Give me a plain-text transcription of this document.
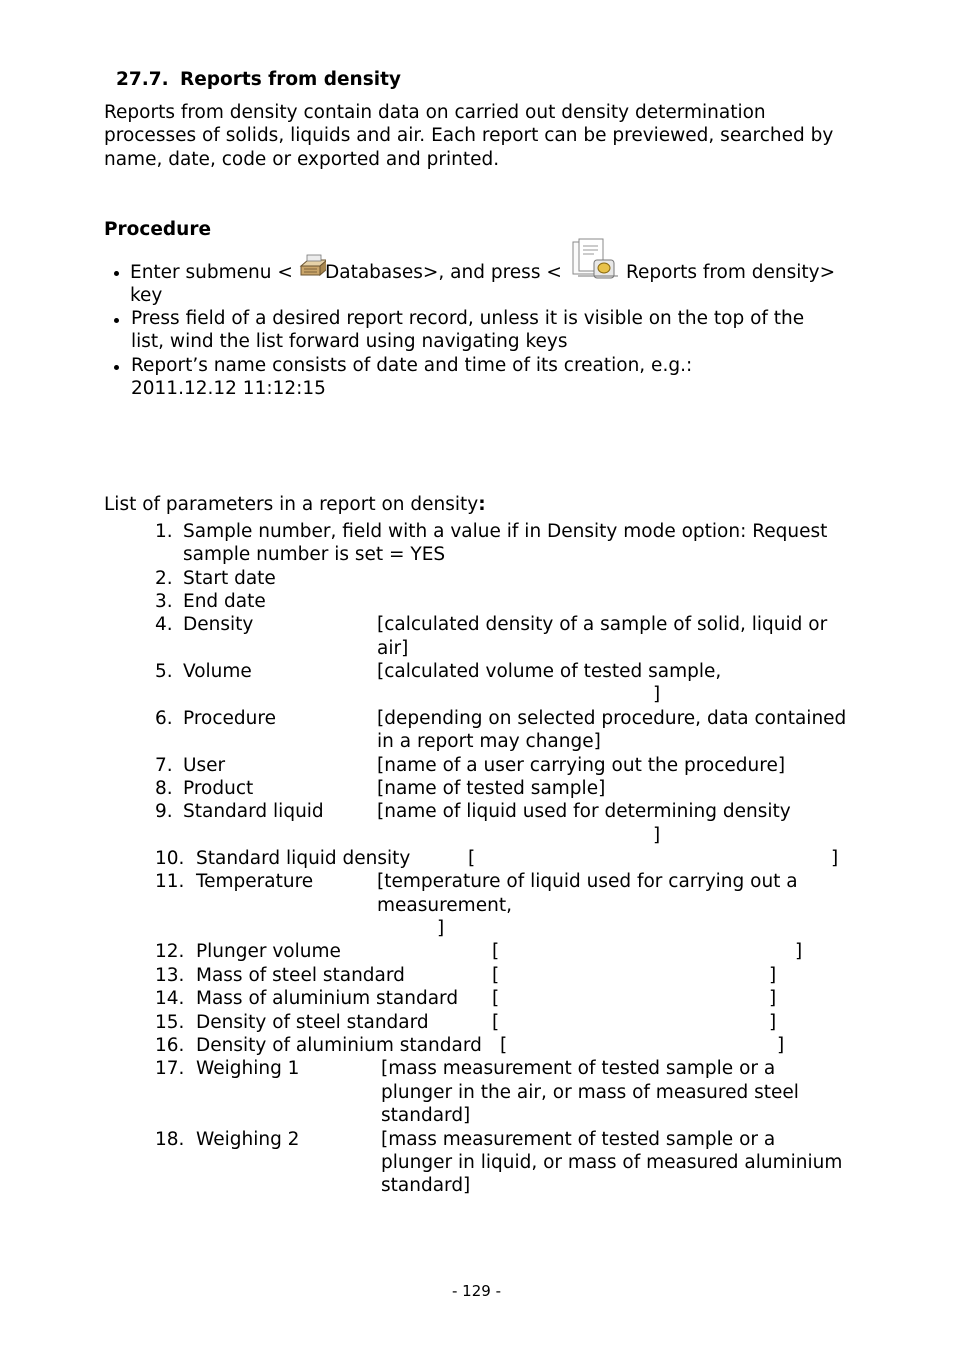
27.7. Reports from density
Reports from density contain data on carried out density determination
processes of solids, liquids and air. Each report can be previewed, searched by
name, date, code or exported and printed.
Procedure
Enter submenu < Databases>, and press <	Reports from density>
key
Press field of a desired report record, unless it is visible on the top of the
list, wind the list forward using navigating keys
Report’s name consists of date and time of its creation, e.g.:
2011.12.12 11:12:15
List of parameters in a report on density:
1. Sample number, field with a value if in Density mode option: Request
sample number is set = YES
2. Start date
3. End date
4. Density	[calculated density of a sample of solid, liquid or
air]
5. Volume	[calculated volume of tested sample,
]
6. Procedure	[depending on selected procedure, data contained
in a report may change]
7. User	[name of a user carrying out the procedure]
8. Product	[name of tested sample]
9. Standard liquid	[name of liquid used for determining density
]
10. Standard liquid density	[	]
11. Temperature	[temperature of liquid used for carrying out a
measurement,
]
12. Plunger volume	[	]
13. Mass of steel standard	[	]
14. Mass of aluminium standard [	]
15. Density of steel standard	[	]
16. Density of aluminium standard [	]
17. Weighing 1	[mass measurement of tested sample or a
plunger in the air, or mass of measured steel
standard]
18. Weighing 2	[mass measurement of tested sample or a
plunger in liquid, or mass of measured aluminium
standard]
- 129 -
